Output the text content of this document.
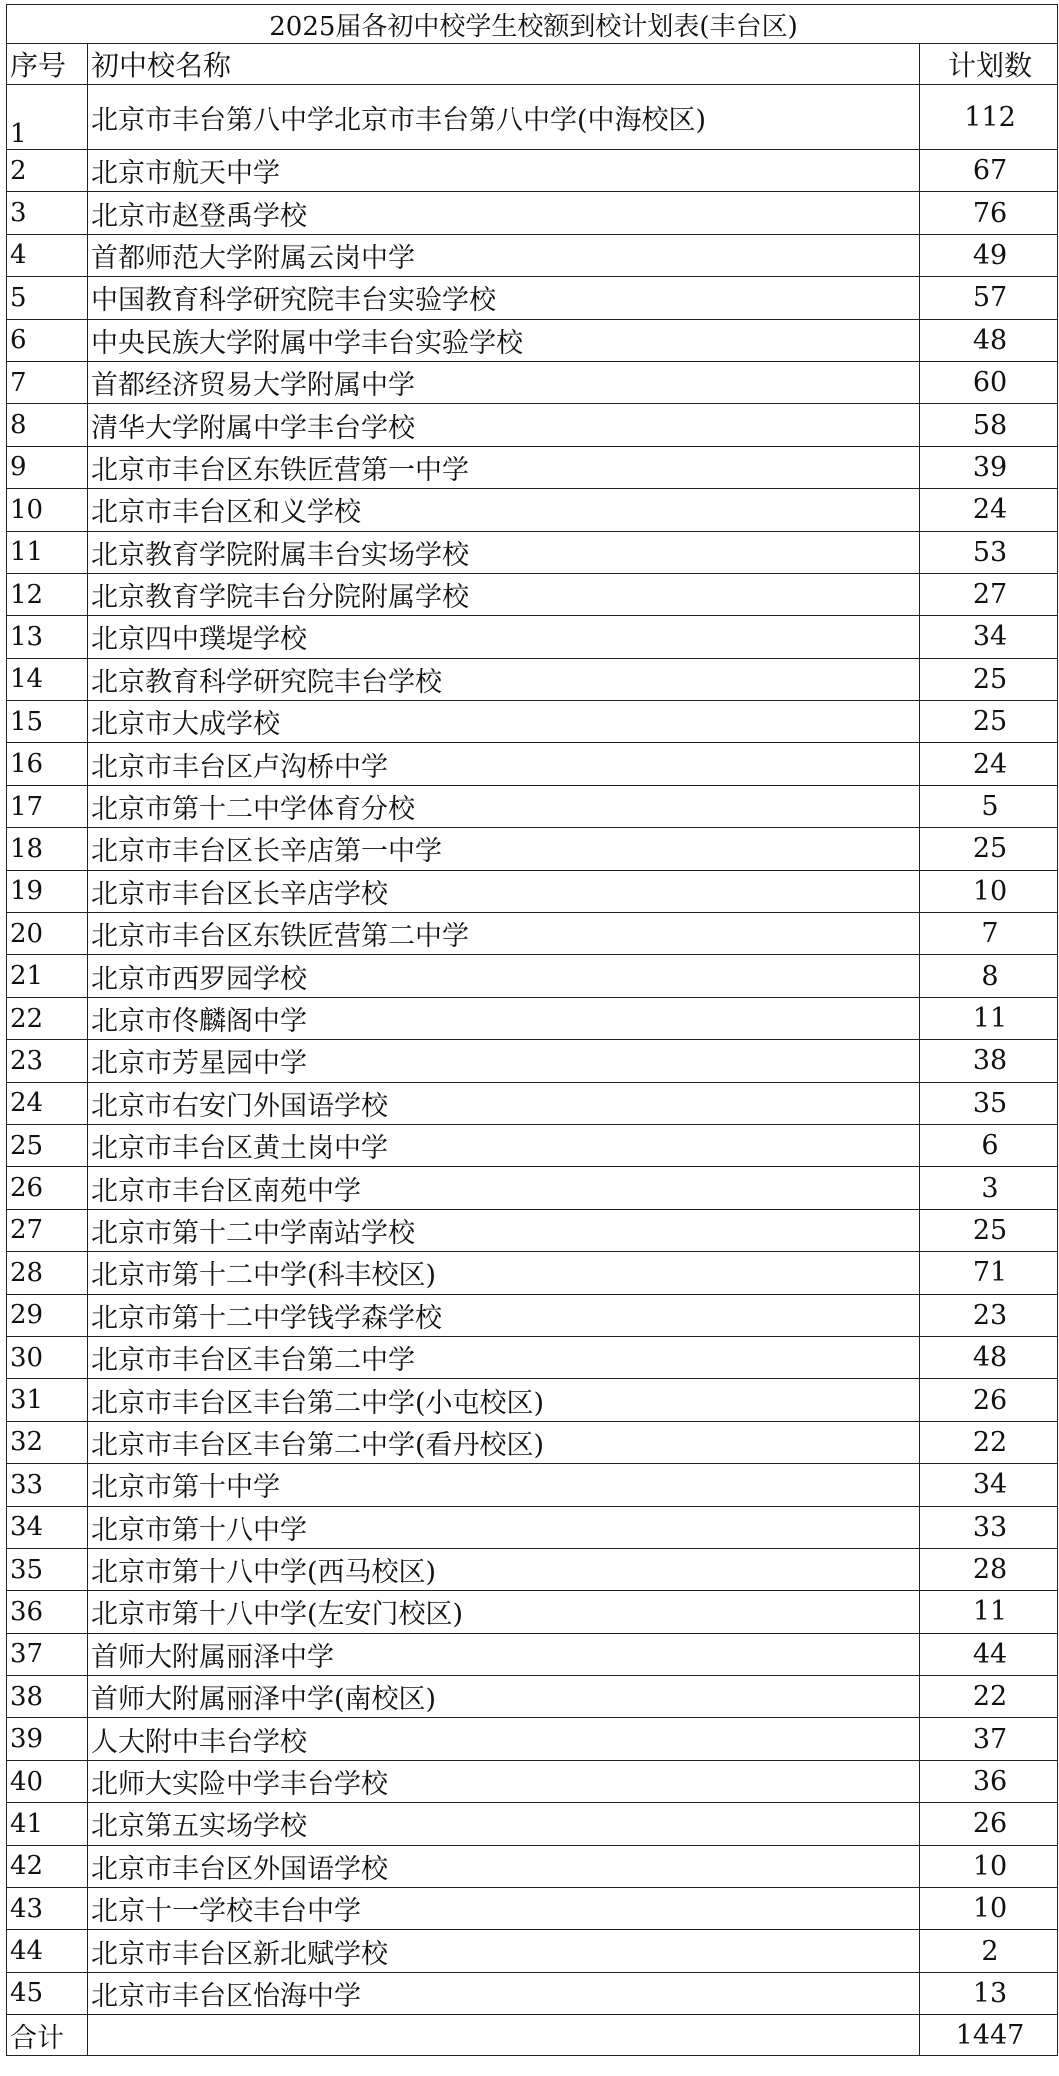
2025届各初中校学生校额到校计划表(丰台区)		
序号	初中校名称	计划数
1	北京市丰台第八中学北京市丰台第八中学(中海校区)	112
2	北京市航天中学	67
3	北京市赵登禹学校	76
4	首都师范大学附属云岗中学	49
5	中国教育科学研究院丰台实验学校	57
6	中央民族大学附属中学丰台实验学校	48
7	首都经济贸易大学附属中学	60
8	清华大学附属中学丰台学校	58
9	北京市丰台区东铁匠营第一中学	39
10	北京市丰台区和义学校	24
11	北京教育学院附属丰台实场学校	53
12	北京教育学院丰台分院附属学校	27
13	北京四中璞堤学校	34
14	北京教育科学研究院丰台学校	25
15	北京市大成学校	25
16	北京市丰台区卢沟桥中学	24
17	北京市第十二中学体育分校	5
18	北京市丰台区长辛店第一中学	25
19	北京市丰台区长辛店学校	10
20	北京市丰台区东铁匠营第二中学	7
21	北京市西罗园学校	8
22	北京市佟麟阁中学	11
23	北京市芳星园中学	38
24	北京市右安门外国语学校	35
25	北京市丰台区黄土岗中学	6
26	北京市丰台区南苑中学	3
27	北京市第十二中学南站学校	25
28	北京市第十二中学(科丰校区)	71
29	北京市第十二中学钱学森学校	23
30	北京市丰台区丰台第二中学	48
31	北京市丰台区丰台第二中学(小屯校区)	26
32	北京市丰台区丰台第二中学(看丹校区)	22
33	北京市第十中学	34
34	北京市第十八中学	33
35	北京市第十八中学(西马校区)	28
36	北京市第十八中学(左安门校区)	11
37	首师大附属丽泽中学	44
38	首师大附属丽泽中学(南校区)	22
39	人大附中丰台学校	37
40	北师大实险中学丰台学校	36
41	北京第五实场学校	26
42	北京市丰台区外国语学校	10
43	北京十一学校丰台中学	10
44	北京市丰台区新北赋学校	2
45	北京市丰台区怡海中学	13
合计		1447
